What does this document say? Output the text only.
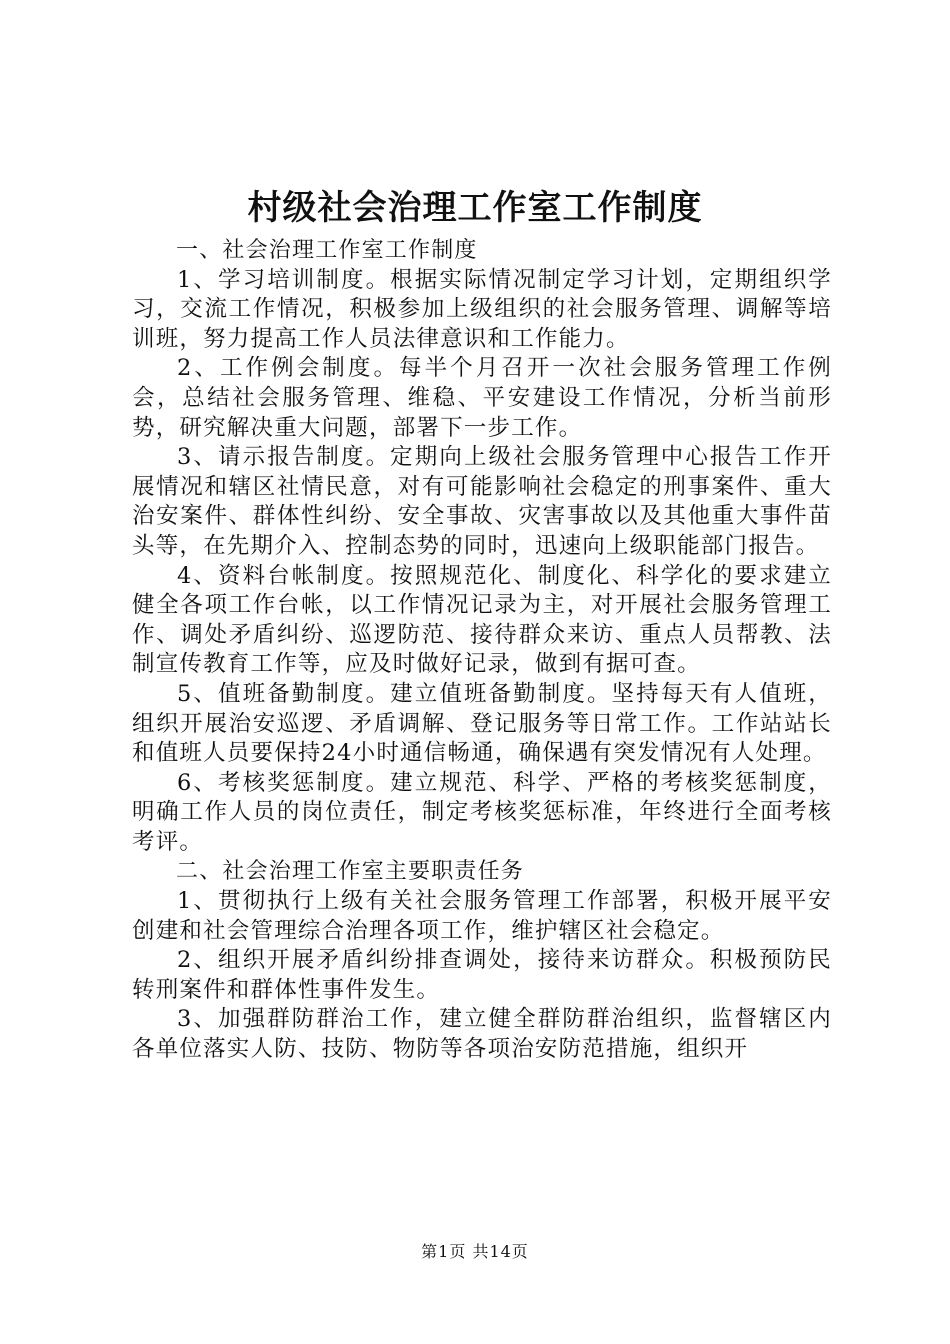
村级社会治理工作室工作制度

一、社会治理工作室工作制度

1、学习培训制度。根据实际情况制定学习计划，定期组织学习，交流工作情况，积极参加上级组织的社会服务管理、调解等培训班，努力提高工作人员法律意识和工作能力。

2、工作例会制度。每半个月召开一次社会服务管理工作例会，总结社会服务管理、维稳、平安建设工作情况，分析当前形势，研究解决重大问题，部署下一步工作。

3、请示报告制度。定期向上级社会服务管理中心报告工作开展情况和辖区社情民意，对有可能影响社会稳定的刑事案件、重大治安案件、群体性纠纷、安全事故、灾害事故以及其他重大事件苗头等，在先期介入、控制态势的同时，迅速向上级职能部门报告。

4、资料台帐制度。按照规范化、制度化、科学化的要求建立健全各项工作台帐，以工作情况记录为主，对开展社会服务管理工作、调处矛盾纠纷、巡逻防范、接待群众来访、重点人员帮教、法制宣传教育工作等，应及时做好记录，做到有据可查。

5、值班备勤制度。建立值班备勤制度。坚持每天有人值班，组织开展治安巡逻、矛盾调解、登记服务等日常工作。工作站站长和值班人员要保持24小时通信畅通，确保遇有突发情况有人处理。

6、考核奖惩制度。建立规范、科学、严格的考核奖惩制度，明确工作人员的岗位责任，制定考核奖惩标准，年终进行全面考核考评。

二、社会治理工作室主要职责任务

1、贯彻执行上级有关社会服务管理工作部署，积极开展平安创建和社会管理综合治理各项工作，维护辖区社会稳定。

2、组织开展矛盾纠纷排查调处，接待来访群众。积极预防民转刑案件和群体性事件发生。

3、加强群防群治工作，建立健全群防群治组织，监督辖区内各单位落实人防、技防、物防等各项治安防范措施，组织开

第1页 共14页
